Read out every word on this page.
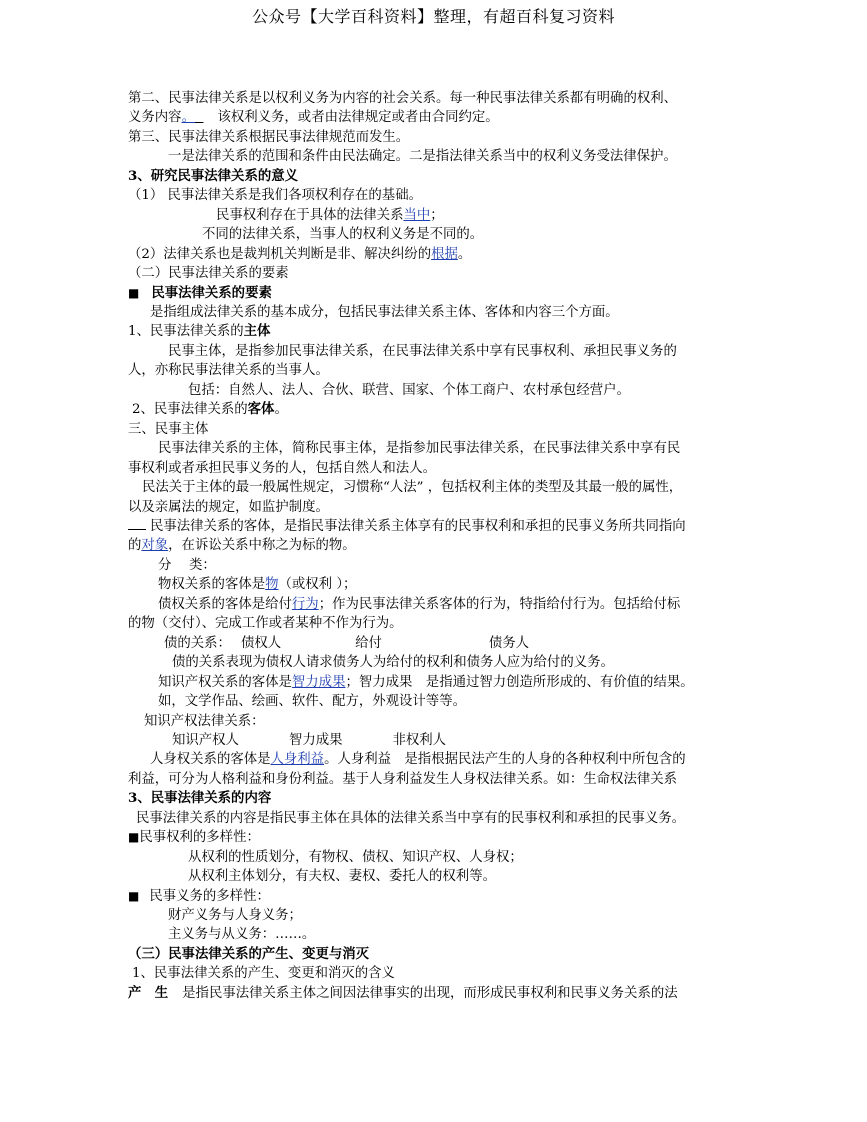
公众号【大学百科资料】整理，有超百科复习资料
第二、民事法律关系是以权利义务为内容的社会关系。每一种民事法律关系都有明确的权利、
义务内容。 该权利义务，或者由法律规定或者由合同约定。
第三、民事法律关系根据民事法律规范而发生。
一是法律关系的范围和条件由民法确定。二是指法律关系当中的权利义务受法律保护。
3、研究民事法律关系的意义
（1） 民事法律关系是我们各项权利存在的基础。
民事权利存在于具体的法律关系当中；
不同的法律关系，当事人的权利义务是不同的。
（2）法律关系也是裁判机关判断是非、解决纠纷的根据。
（二）民事法律关系的要素
■ 民事法律关系的要素
是指组成法律关系的基本成分，包括民事法律关系主体、客体和内容三个方面。
1、民事法律关系的主体
民事主体，是指参加民事法律关系，在民事法律关系中享有民事权利、承担民事义务的
人，亦称民事法律关系的当事人。
包括：自然人、法人、合伙、联营、国家、个体工商户、农村承包经营户。
2、民事法律关系的客体。
三、民事主体
民事法律关系的主体，简称民事主体，是指参加民事法律关系，在民事法律关系中享有民
事权利或者承担民事义务的人，包括自然人和法人。
民法关于主体的最一般属性规定，习惯称“人法” ，包括权利主体的类型及其最一般的属性，
以及亲属法的规定，如监护制度。
民事法律关系的客体，是指民事法律关系主体享有的民事权利和承担的民事义务所共同指向
的对象，在诉讼关系中称之为标的物。
分　 类：
物权关系的客体是物（或权利 ）；
债权关系的客体是给付行为；作为民事法律关系客体的行为，特指给付行为。包括给付标
的物（交付）、完成工作或者某种不作为行为。
债的关系： 债权人	给付	债务人
债的关系表现为债权人请求债务人为给付的权利和债务人应为给付的义务。
知识产权关系的客体是智力成果；智力成果　是指通过智力创造所形成的、有价值的结果。
如，文学作品、绘画、软件、配方，外观设计等等。
知识产权法律关系：
知识产权人	智力成果	非权利人
人身权关系的客体是人身利益。人身利益　是指根据民法产生的人身的各种权利中所包含的
利益，可分为人格利益和身份利益。基于人身利益发生人身权法律关系。如：生命权法律关系
3、民事法律关系的内容
民事法律关系的内容是指民事主体在具体的法律关系当中享有的民事权利和承担的民事义务。
■民事权利的多样性：
从权利的性质划分，有物权、债权、知识产权、人身权；
从权利主体划分，有夫权、妻权、委托人的权利等。
■ 民事义务的多样性：
财产义务与人身义务；
主义务与从义务：……。
（三）民事法律关系的产生、变更与消灭
1、民事法律关系的产生、变更和消灭的含义
产　生 是指民事法律关系主体之间因法律事实的出现，而形成民事权利和民事义务关系的法
